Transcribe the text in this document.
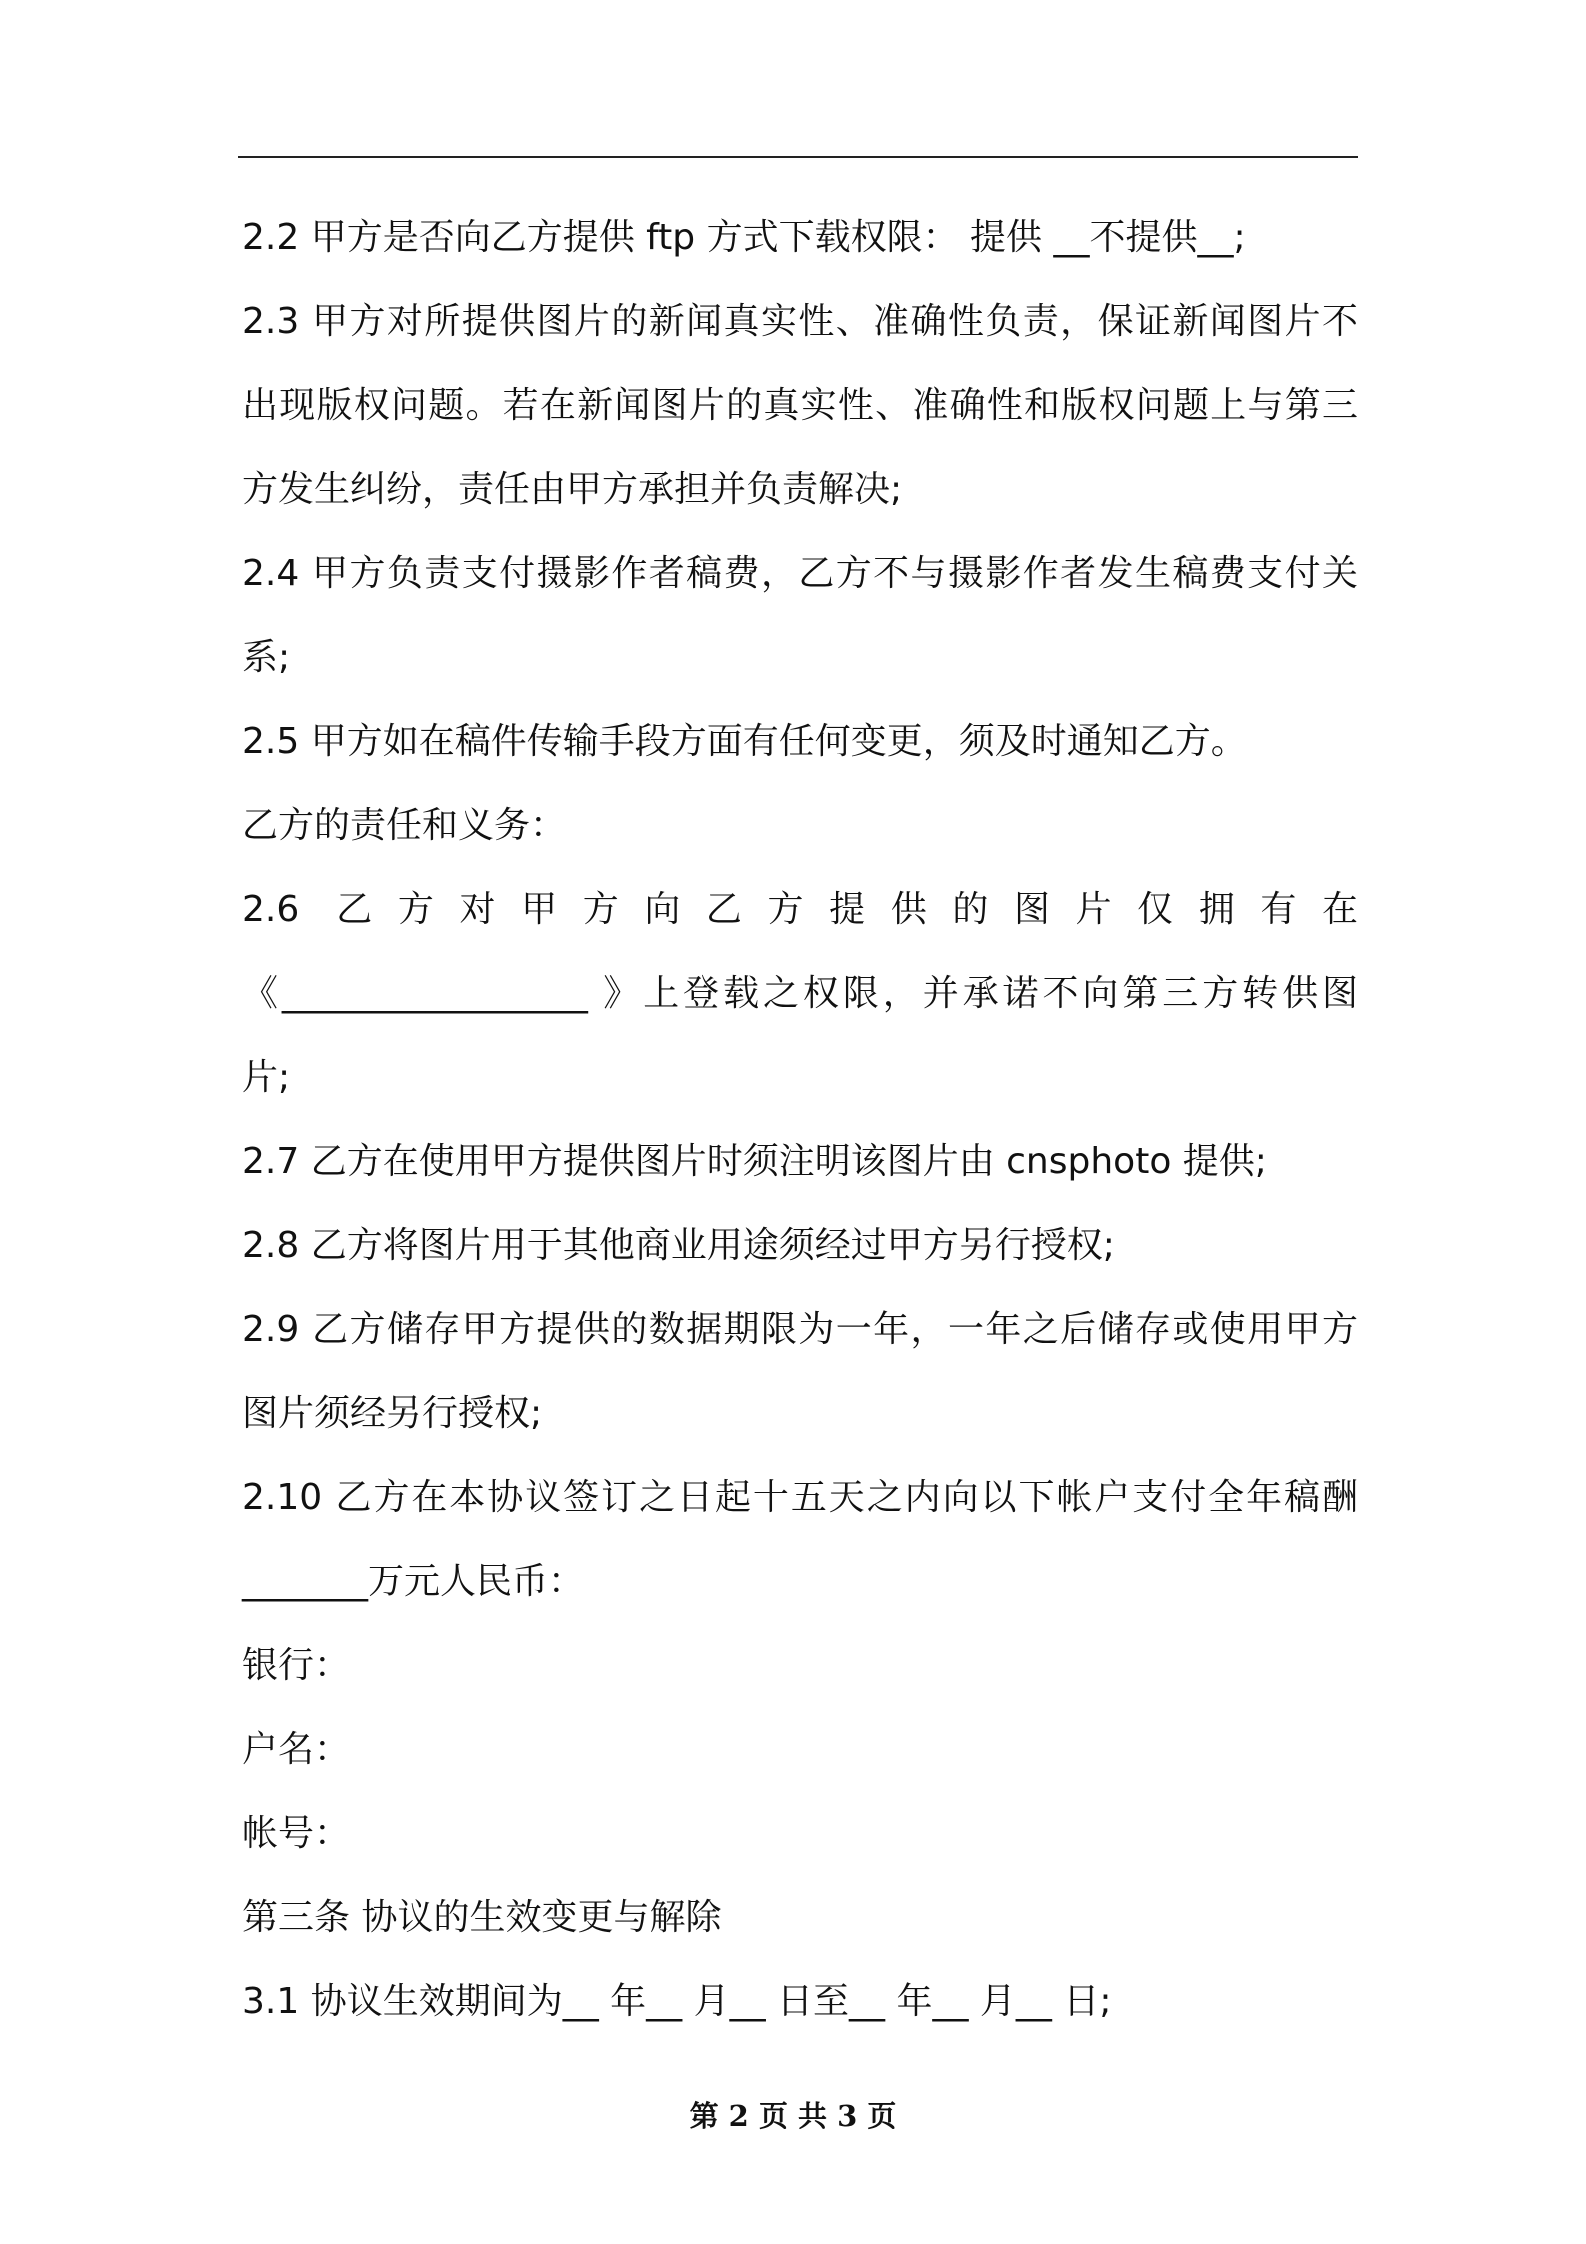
2.2 甲方是否向乙方提供 ftp 方式下载权限： 提供 __不提供__;
2.3 甲方对所提供图片的新闻真实性、准确性负责，保证新闻图片不
出现版权问题。若在新闻图片的真实性、准确性和版权问题上与第三
方发生纠纷，责任由甲方承担并负责解决;
2.4 甲方负责支付摄影作者稿费，乙方不与摄影作者发生稿费支付关
系;
2.5 甲方如在稿件传输手段方面有任何变更，须及时通知乙方。
乙方的责任和义务：
2.6 乙方对甲方向乙方提供的图片仅拥有在
《_________________ 》上登载之权限，并承诺不向第三方转供图
片;
2.7 乙方在使用甲方提供图片时须注明该图片由 cnsphoto 提供;
2.8 乙方将图片用于其他商业用途须经过甲方另行授权;
2.9 乙方储存甲方提供的数据期限为一年，一年之后储存或使用甲方
图片须经另行授权;
2.10 乙方在本协议签订之日起十五天之内向以下帐户支付全年稿酬
_______万元人民币：
银行：
户名：
帐号：
第三条 协议的生效变更与解除
3.1 协议生效期间为__ 年__ 月__ 日至__ 年__ 月__ 日;
第 2 页 共 3 页
